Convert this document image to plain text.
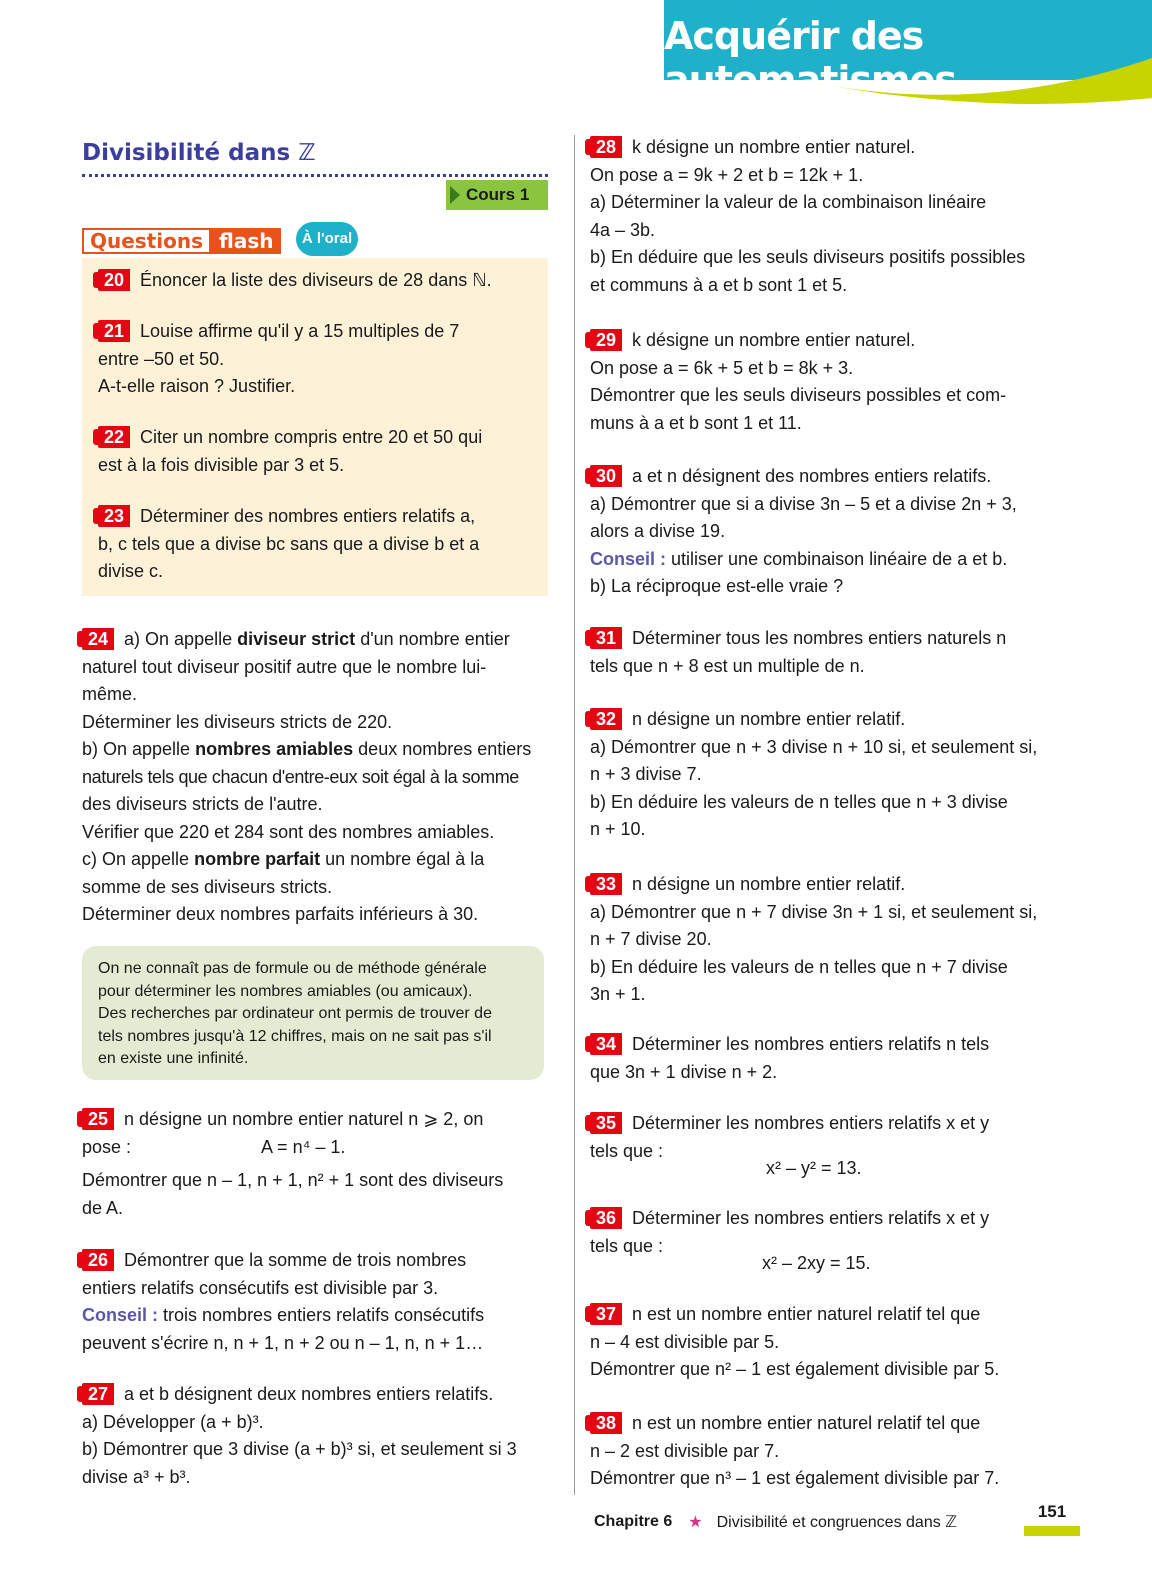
Acquérir des automatismes
Divisibilité dans ℤ
Cours 1
Questions flash	À l'oral
20 Énoncer la liste des diviseurs de 28 dans ℕ.
21 Louise affirme qu'il y a 15 multiples de 7
entre –50 et 50.
A-t-elle raison ? Justifier.
22 Citer un nombre compris entre 20 et 50 qui
est à la fois divisible par 3 et 5.
23 Déterminer des nombres entiers relatifs a,
b, c tels que a divise bc sans que a divise b et a
divise c.
24 a) On appelle diviseur strict d'un nombre entier
naturel tout diviseur positif autre que le nombre lui-
même.
Déterminer les diviseurs stricts de 220.
b) On appelle nombres amiables deux nombres entiers
naturels tels que chacun d'entre-eux soit égal à la somme
des diviseurs stricts de l'autre.
Vérifier que 220 et 284 sont des nombres amiables.
c) On appelle nombre parfait un nombre égal à la
somme de ses diviseurs stricts.
Déterminer deux nombres parfaits inférieurs à 30.
On ne connaît pas de formule ou de méthode générale
pour déterminer les nombres amiables (ou amicaux).
Des recherches par ordinateur ont permis de trouver de
tels nombres jusqu'à 12 chiffres, mais on ne sait pas s'il
en existe une infinité.
25 n désigne un nombre entier naturel n ⩾ 2, on
pose :	A = n⁴ – 1.
Démontrer que n – 1, n + 1, n² + 1 sont des diviseurs
de A.
26 Démontrer que la somme de trois nombres
entiers relatifs consécutifs est divisible par 3.
Conseil : trois nombres entiers relatifs consécutifs
peuvent s'écrire n, n + 1, n + 2 ou n – 1, n, n + 1…
27 a et b désignent deux nombres entiers relatifs.
a) Développer (a + b)³.
b) Démontrer que 3 divise (a + b)³ si, et seulement si 3
divise a³ + b³.
28 k désigne un nombre entier naturel.
On pose a = 9k + 2 et b = 12k + 1.
a) Déterminer la valeur de la combinaison linéaire
4a – 3b.
b) En déduire que les seuls diviseurs positifs possibles
et communs à a et b sont 1 et 5.
29 k désigne un nombre entier naturel.
On pose a = 6k + 5 et b = 8k + 3.
Démontrer que les seuls diviseurs possibles et com-
muns à a et b sont 1 et 11.
30 a et n désignent des nombres entiers relatifs.
a) Démontrer que si a divise 3n – 5 et a divise 2n + 3,
alors a divise 19.
Conseil : utiliser une combinaison linéaire de a et b.
b) La réciproque est-elle vraie ?
31 Déterminer tous les nombres entiers naturels n
tels que n + 8 est un multiple de n.
32 n désigne un nombre entier relatif.
a) Démontrer que n + 3 divise n + 10 si, et seulement si,
n + 3 divise 7.
b) En déduire les valeurs de n telles que n + 3 divise
n + 10.
33 n désigne un nombre entier relatif.
a) Démontrer que n + 7 divise 3n + 1 si, et seulement si,
n + 7 divise 20.
b) En déduire les valeurs de n telles que n + 7 divise
3n + 1.
34 Déterminer les nombres entiers relatifs n tels
que 3n + 1 divise n + 2.
35 Déterminer les nombres entiers relatifs x et y
tels que :
x² – y² = 13.
36 Déterminer les nombres entiers relatifs x et y
tels que :
x² – 2xy = 15.
37 n est un nombre entier naturel relatif tel que
n – 4 est divisible par 5.
Démontrer que n² – 1 est également divisible par 5.
38 n est un nombre entier naturel relatif tel que
n – 2 est divisible par 7.
Démontrer que n³ – 1 est également divisible par 7.
Chapitre 6 ★ Divisibilité et congruences dans ℤ
151
